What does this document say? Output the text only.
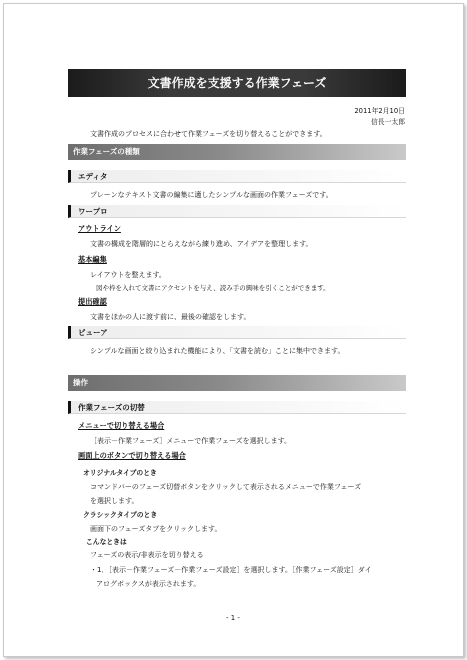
文書作成を支援する作業フェーズ
2011年2月10日
信長一太郎
文書作成のプロセスに合わせて作業フェーズを切り替えることができます。
作業フェーズの種類
エディタ
プレーンなテキスト文書の編集に適したシンプルな画面の作業フェーズです。
ワープロ
アウトライン
文書の構成を階層的にとらえながら練り進め、アイデアを整理します。
基本編集
レイアウトを整えます。
図や枠を入れて文書にアクセントを与え、読み手の興味を引くことができます。
提出確認
文書をほかの人に渡す前に、最後の確認をします。
ビューア
シンプルな画面と絞り込まれた機能により、「文書を読む」ことに集中できます。
操作
作業フェーズの切替
メニューで切り替える場合
［表示－作業フェーズ］メニューで作業フェーズを選択します。
画面上のボタンで切り替える場合
オリジナルタイプのとき
コマンドバーのフェーズ切替ボタンをクリックして表示されるメニューで作業フェーズ
を選択します。
クラシックタイプのとき
画面下のフェーズタブをクリックします。
こんなときは
フェーズの表示/非表示を切り替える
・1．［表示－作業フェーズ－作業フェーズ設定］を選択します。［作業フェーズ設定］ダイ
アログボックスが表示されます。
- 1 -
